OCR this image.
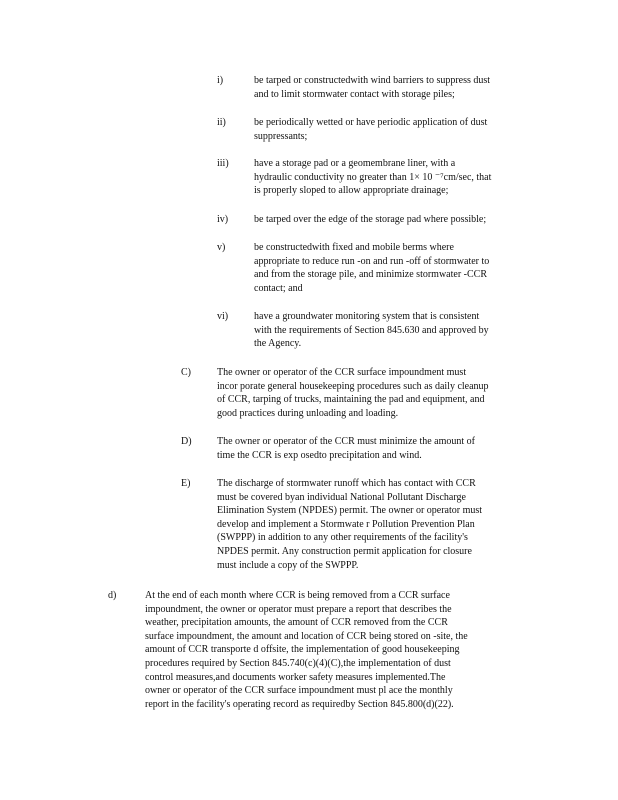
i)	be tarped or constructedwith wind barriers to suppress dust
and to limit stormwater contact with storage piles;
ii)	be periodically wetted or have periodic application of dust
suppressants;
iii)	have a storage pad or a geomembrane liner, with a
hydraulic conductivity no greater than 1× 10 ⁻⁷cm/sec, that
is properly sloped to allow appropriate drainage;
iv)	be tarped over the edge of the storage pad where possible;
v)	be constructedwith fixed and mobile berms where
appropriate to reduce run -on and run -off of stormwater to
and from the storage pile, and minimize stormwater -CCR
contact; and
vi)	have a groundwater monitoring system that is consistent
with the requirements of Section 845.630 and approved by
the Agency.
C)	The owner or operator of the CCR surface impoundment must
incor porate general housekeeping procedures such as daily cleanup
of CCR, tarping of trucks, maintaining the pad and equipment, and
good practices during unloading and loading.
D)	The owner or operator of the CCR must minimize the amount of
time the CCR is exp osedto precipitation and wind.
E)	The discharge of stormwater runoff which has contact with CCR
must be covered byan individual National Pollutant Discharge
Elimination System (NPDES) permit. The owner or operator must
develop and implement a Stormwate r Pollution Prevention Plan
(SWPPP) in addition to any other requirements of the facility's
NPDES permit. Any construction permit application for closure
must include a copy of the SWPPP.
d)	At the end of each month where CCR is being removed from a CCR surface
impoundment, the owner or operator must prepare a report that describes the
weather, precipitation amounts, the amount of CCR removed from the CCR
surface impoundment, the amount and location of CCR being stored on -site, the
amount of CCR transporte d offsite, the implementation of good housekeeping
procedures required by Section 845.740(c)(4)(C),the implementation of dust
control measures,and documents worker safety measures implemented.The
owner or operator of the CCR surface impoundment must pl ace the monthly
report in the facility's operating record as requiredby Section 845.800(d)(22).
